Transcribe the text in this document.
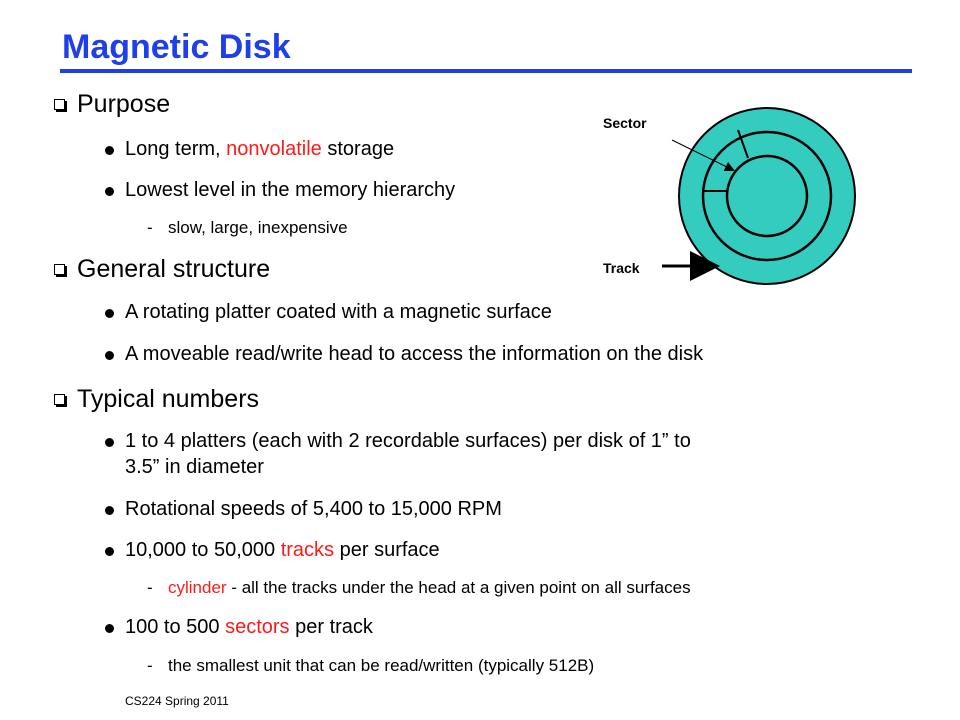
Magnetic Disk
Sector
Track
Purpose
Long term, nonvolatile storage
Lowest level in the memory hierarchy
- slow, large, inexpensive
General structure
A rotating platter coated with a magnetic surface
A moveable read/write head to access the information on the disk
Typical numbers
1 to 4 platters (each with 2 recordable surfaces) per disk of 1” to
3.5” in diameter
Rotational speeds of 5,400 to 15,000 RPM
10,000 to 50,000 tracks per surface
- cylinder - all the tracks under the head at a given point on all surfaces
100 to 500 sectors per track
- the smallest unit that can be read/written (typically 512B)
CS224 Spring 2011
